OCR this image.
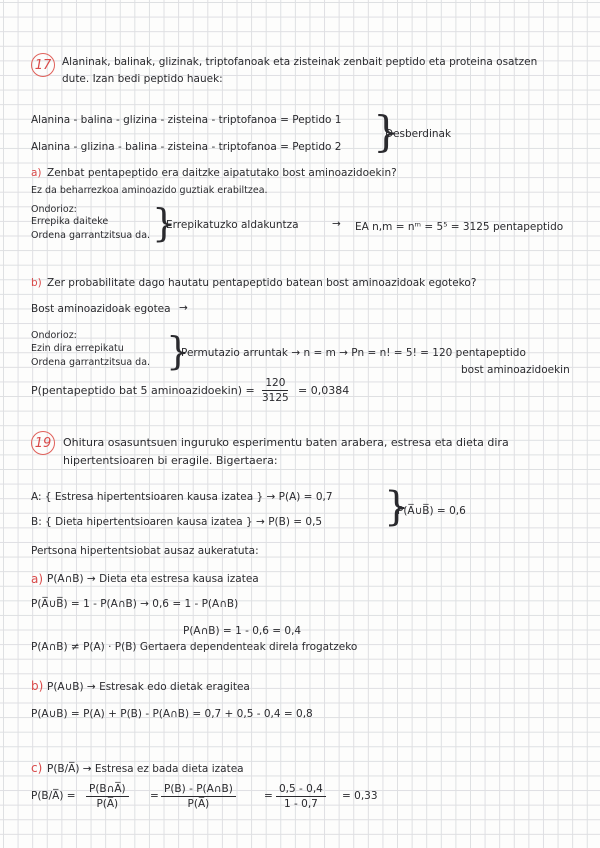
17	Alaninak, balinak, glizinak, triptofanoak eta zisteinak zenbait peptido eta proteina osatzen
dute. Izan bedi peptido hauek:
Alanina - balina - glizina - zisteina - triptofanoa = Peptido 1
Alanina - glizina - balina - zisteina - triptofanoa = Peptido 2 }
Desberdinak
a) Zenbat pentapeptido era daitzke aipatutako bost aminoazidoekin?
Ez da beharrezkoa aminoazido guztiak erabiltzea.
Ondorioz:
Errepika daiteke
Ordena garrantzitsua da. }
Errepikatuzko aldakuntza	→ EA n,m = nᵐ = 5⁵ = 3125 pentapeptido
b) Zer probabilitate dago hautatu pentapeptido batean bost aminoazidoak egoteko?
Bost aminoazidoak egotea →
Ondorioz:
Ezin dira errepikatu
Ordena garrantzitsua da. }
Permutazio arruntak → n = m → Pn = n! = 5! = 120 pentapeptido
bost aminoazidoekin
P(pentapeptido bat 5 aminoazidoekin) = $\frac{120}{3125} = 0,0384$
19	Ohitura osasuntsuen inguruko esperimentu baten arabera, estresa eta dieta dira
hipertentsioaren bi eragile. Bigertaera:
A: { Estresa hipertentsioaren kausa izatea } → P(A) = 0,7
B: { Dieta hipertentsioaren kausa izatea } → P(B) = 0,5 }
P(A̅∪B̅) = 0,6
Pertsona hipertentsiobat ausaz aukeratuta:
a) P(A∩B) → Dieta eta estresa kausa izatea
P(A̅∪B̅) = 1 - P(A∩B) → 0,6 = 1 - P(A∩B)
P(A∩B) = 1 - 0,6 = 0,4
P(A∩B) ≠ P(A) · P(B) Gertaera dependenteak direla frogatzeko
b) P(A∪B) → Estresak edo dietak eragitea
P(A∪B) = P(A) + P(B) - P(A∩B) = 0,7 + 0,5 - 0,4 = 0,8
c) P(B/A̅) → Estresa ez bada dieta izatea
P(B/A̅) = $\frac{P(B\cap A̅)}{P(A̅)} = \frac{P(B) - P(A\cap B)}{P(A̅)}$	= $\frac{0,5 - 0,4}{1 - 0,7} = 0,33$
